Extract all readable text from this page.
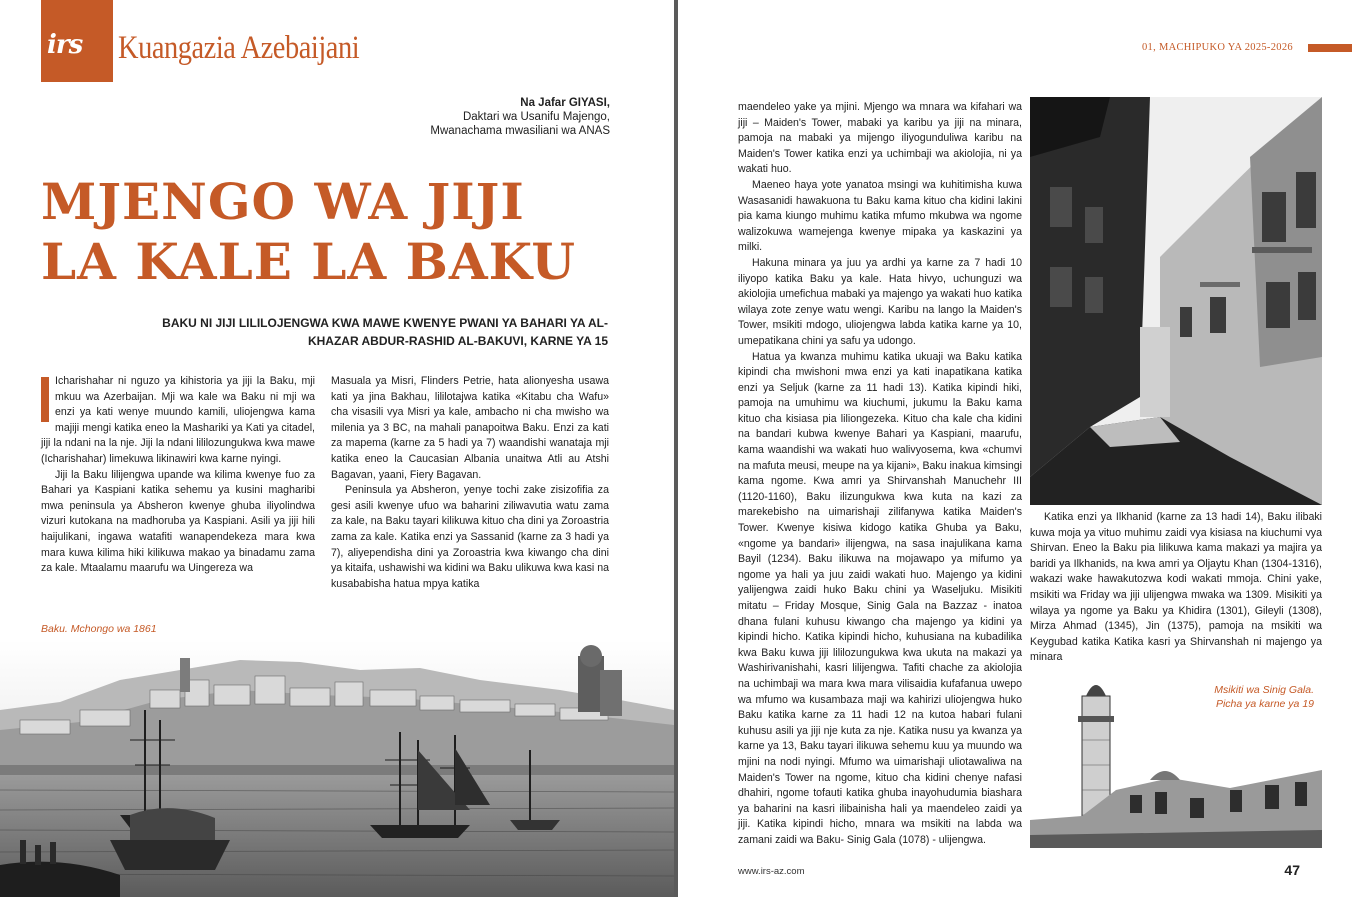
irs Kuangazia Azebaijani
Na Jafar GIYASI,
Daktari wa Usanifu Majengo,
Mwanachama mwasiliani wa ANAS
MJENGO WA JIJI
LA KALE LA BAKU
BAKU NI JIJI LILILOJENGWA KWA MAWE KWENYE PWANI YA BAHARI YA AL-KHAZAR ABDUR-RASHID AL-BAKUVI, KARNE YA 15

Icharishahar ni nguzo ya kihistoria ya jiji la Baku, mji mkuu wa Azerbaijan. Mji wa kale wa Baku ni mji wa enzi ya kati wenye muundo kamili, uliojengwa kama majiji mengi katika eneo la Mashariki ya Kati ya citadel, jiji la ndani na la nje. Jiji la ndani lililozungukwa kwa mawe (Icharishahar) limekuwa likinawiri kwa karne nyingi.

Jiji la Baku lilijengwa upande wa kilima kwenye fuo za Bahari ya Kaspiani katika sehemu ya kusini magharibi mwa peninsula ya Absheron kwenye ghuba iliyolindwa vizuri kutokana na madhoruba ya Kaspiani. Asili ya jiji hili haijulikani, ingawa watafiti wanapendekeza mara kwa mara kuwa kilima hiki kilikuwa makao ya binadamu zama za kale. Mtaalamu maarufu wa Uingereza wa

Masuala ya Misri, Flinders Petrie, hata alionyesha usawa kati ya jina Bakhau, lililotajwa katika «Kitabu cha Wafu» cha visasili vya Misri ya kale, ambacho ni cha mwisho wa milenia ya 3 BC, na mahali panapoitwa Baku. Enzi za kati za mapema (karne za 5 hadi ya 7) waandishi wanataja mji katika eneo la Caucasian Albania unaitwa Atli au Atshi Bagavan, yaani, Fiery Bagavan.

Peninsula ya Absheron, yenye tochi zake zisizofifia za gesi asili kwenye ufuo wa baharini ziliwavutia watu zama za kale, na Baku tayari kilikuwa kituo cha dini ya Zoroastria zama za kale. Katika enzi ya Sassanid (karne za 3 hadi ya 7), aliyependisha dini ya Zoroastria kwa kiwango cha dini ya kitaifa, ushawishi wa kidini wa Baku ulikuwa kwa kasi na kusababisha hatua mpya katika

Baku. Mchongo wa 1861
01, MACHIPUKO YA 2025-2026

maendeleo yake ya mjini. Mjengo wa mnara wa kifahari wa jiji – Maiden's Tower, mabaki ya karibu ya jiji na minara, pamoja na mabaki ya mijengo iliyogunduliwa karibu na Maiden's Tower katika enzi ya uchimbaji wa akiolojia, ni ya wakati huo.

Maeneo haya yote yanatoa msingi wa kuhitimisha kuwa Wasasanidi hawakuona tu Baku kama kituo cha kidini lakini pia kama kiungo muhimu katika mfumo mkubwa wa ngome walizokuwa wamejenga kwenye mipaka ya kaskazini ya milki.

Hakuna minara ya juu ya ardhi ya karne za 7 hadi 10 iliyopo katika Baku ya kale. Hata hivyo, uchunguzi wa akiolojia umefichua mabaki ya majengo ya wakati huo katika wilaya zote zenye watu wengi. Karibu na lango la Maiden's Tower, msikiti mdogo, uliojengwa labda katika karne ya 10, umepatikana chini ya safu ya udongo.

Hatua ya kwanza muhimu katika ukuaji wa Baku katika kipindi cha mwishoni mwa enzi ya kati inapatikana katika enzi ya Seljuk (karne za 11 hadi 13). Katika kipindi hiki, pamoja na umuhimu wa kiuchumi, jukumu la Baku kama kituo cha kisiasa pia liliongezeka. Kituo cha kale cha kidini na bandari kubwa kwenye Bahari ya Kaspiani, maarufu, kama waandishi wa wakati huo walivyosema, kwa «chumvi na mafuta meusi, meupe na ya kijani», Baku inakua kimsingi kama ngome. Kwa amri ya Shirvanshah Manuchehr III (1120-1160), Baku ilizungukwa kwa kuta na kazi za marekebisho na uimarishaji zilifanywa katika Maiden's Tower. Kwenye kisiwa kidogo katika Ghuba ya Baku, «ngome ya bandari» ilijengwa, na sasa inajulikana kama Bayil (1234). Baku ilikuwa na mojawapo ya mifumo ya ngome ya hali ya juu zaidi wakati huo. Majengo ya kidini yalijengwa zaidi huko Baku chini ya Waseljuku. Misikiti mitatu – Friday Mosque, Sinig Gala na Bazzaz - inatoa dhana fulani kuhusu kiwango cha majengo ya kidini ya kipindi hicho. Katika kipindi hicho, kuhusiana na kubadilika kwa Baku kuwa jiji lililozungukwa kwa ukuta na makazi ya Washirivanishahi, kasri lilijengwa. Tafiti chache za akiolojia na uchimbaji wa mara kwa mara vilisaidia kufafanua uwepo wa mfumo wa kusambaza maji wa kahirizi uliojengwa huko Baku katika karne za 11 hadi 12 na kutoa habari fulani kuhusu asili ya jiji nje kuta za nje. Katika nusu ya kwanza ya karne ya 13, Baku tayari ilikuwa sehemu kuu ya muundo wa mjini na nodi nyingi. Mfumo wa uimarishaji uliotawaliwa na Maiden's Tower na ngome, kituo cha kidini chenye nafasi dhahiri, ngome tofauti katika ghuba inayohudumia biashara ya baharini na kasri ilibainisha hali ya maendeleo zaidi ya jiji. Katika kipindi hicho, mnara wa msikiti na labda wa zamani zaidi wa Baku- Sinig Gala (1078) - ulijengwa.

Katika enzi ya Ilkhanid (karne za 13 hadi 14), Baku ilibaki kuwa moja ya vituo muhimu zaidi vya kisiasa na kiuchumi vya Shirvan. Eneo la Baku pia lilikuwa kama makazi ya majira ya baridi ya Ilkhanids, na kwa amri ya Oljaytu Khan (1304-1316), wakazi wake hawakutozwa kodi wakati mmoja. Chini yake, msikiti wa Friday wa jiji ulijengwa mwaka wa 1309. Misikiti ya wilaya ya ngome ya Baku ya Khidira (1301), Gileyli (1308), Mirza Ahmad (1345), Jin (1375), pamoja na msikiti wa Keygubad katika Katika kasri ya Shirvanshah ni majengo ya minara

Msikiti wa Sinig Gala.
Picha ya karne ya 19
www.irs-az.com	47
